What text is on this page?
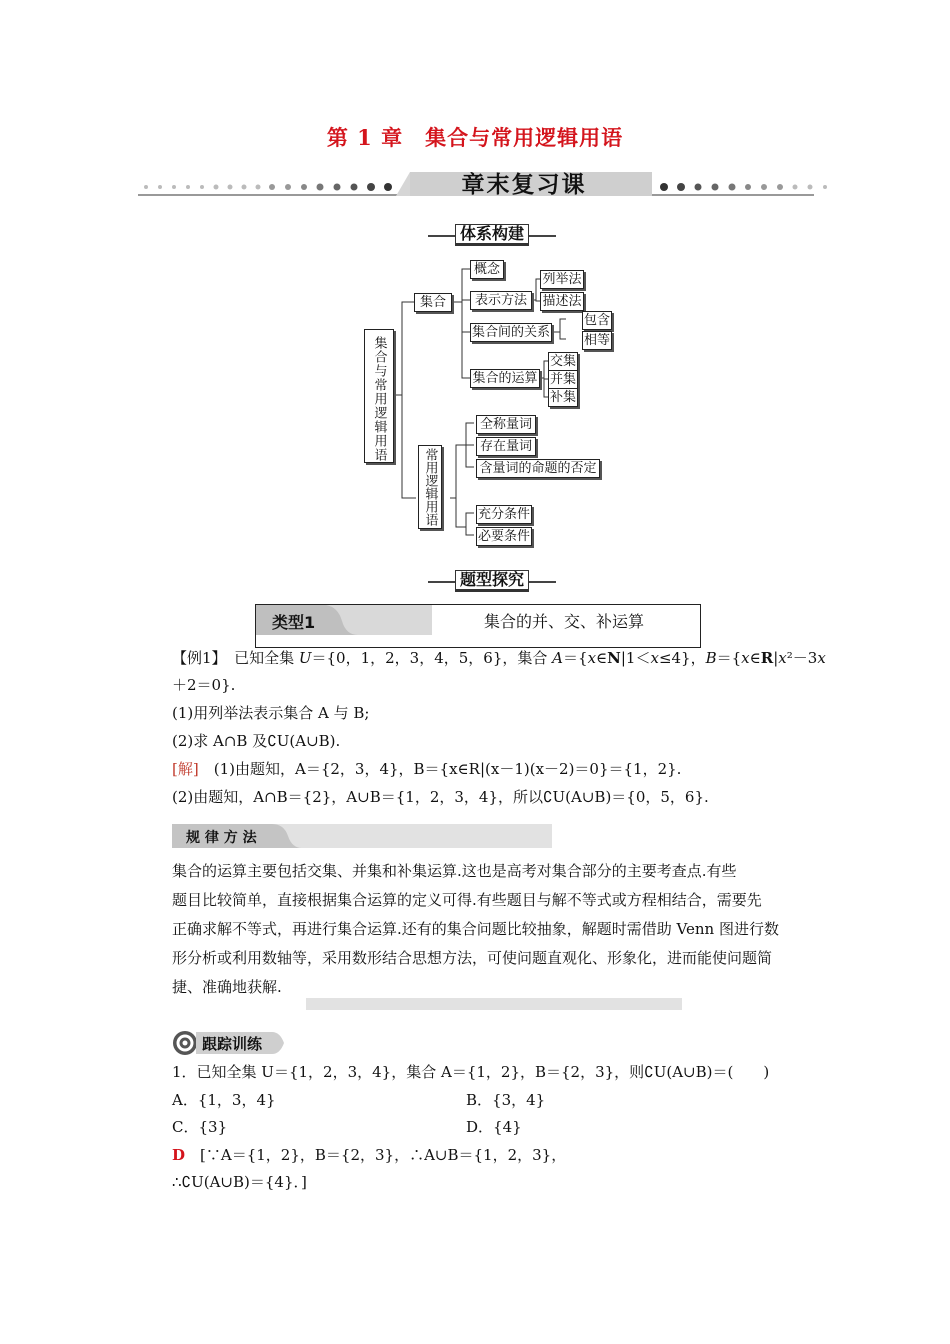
第 1 章　集合与常用逻辑用语
章末复习课
体系构建
集合与常用逻辑用语
集合
概念
表示方法
列举法
描述法
集合间的关系
包含
相等
集合的运算
交集
并集
补集
常用逻辑用语
全称量词
存在量词
含量词的命题的否定
充分条件
必要条件
题型探究
类型1	集合的并、交、补运算
【例1】　 已知全集 U＝{0，1，2，3，4，5，6}，集合 A＝{x∈N|1＜x≤4}，B＝{x∈R|x²－3x
＋2＝0}.
(1)用列举法表示集合 A 与 B;
(2)求 A∩B 及∁U(A∪B).
[解]　 (1)由题知，A＝{2，3，4}，B＝{x∈R|(x－1)(x－2)＝0}＝{1，2}.
(2)由题知，A∩B＝{2}，A∪B＝{1，2，3，4}，所以∁U(A∪B)＝{0，5，6}.
规 律 方 法
集合的运算主要包括交集、并集和补集运算.这也是高考对集合部分的主要考查点.有些
题目比较简单，直接根据集合运算的定义可得.有些题目与解不等式或方程相结合，需要先
正确求解不等式，再进行集合运算.还有的集合问题比较抽象，解题时需借助 Venn 图进行数
形分析或利用数轴等，采用数形结合思想方法，可使问题直观化、形象化，进而能使问题简
捷、准确地获解.
跟踪训练
1．已知全集 U＝{1，2，3，4}，集合 A＝{1，2}，B＝{2，3}，则∁U(A∪B)＝(　　)
A．{1，3，4}	B．{3，4}
C．{3}	D．{4}
D　 [∵A＝{1，2}，B＝{2，3}，∴A∪B＝{1，2，3}，
∴∁U(A∪B)＝{4}．]
